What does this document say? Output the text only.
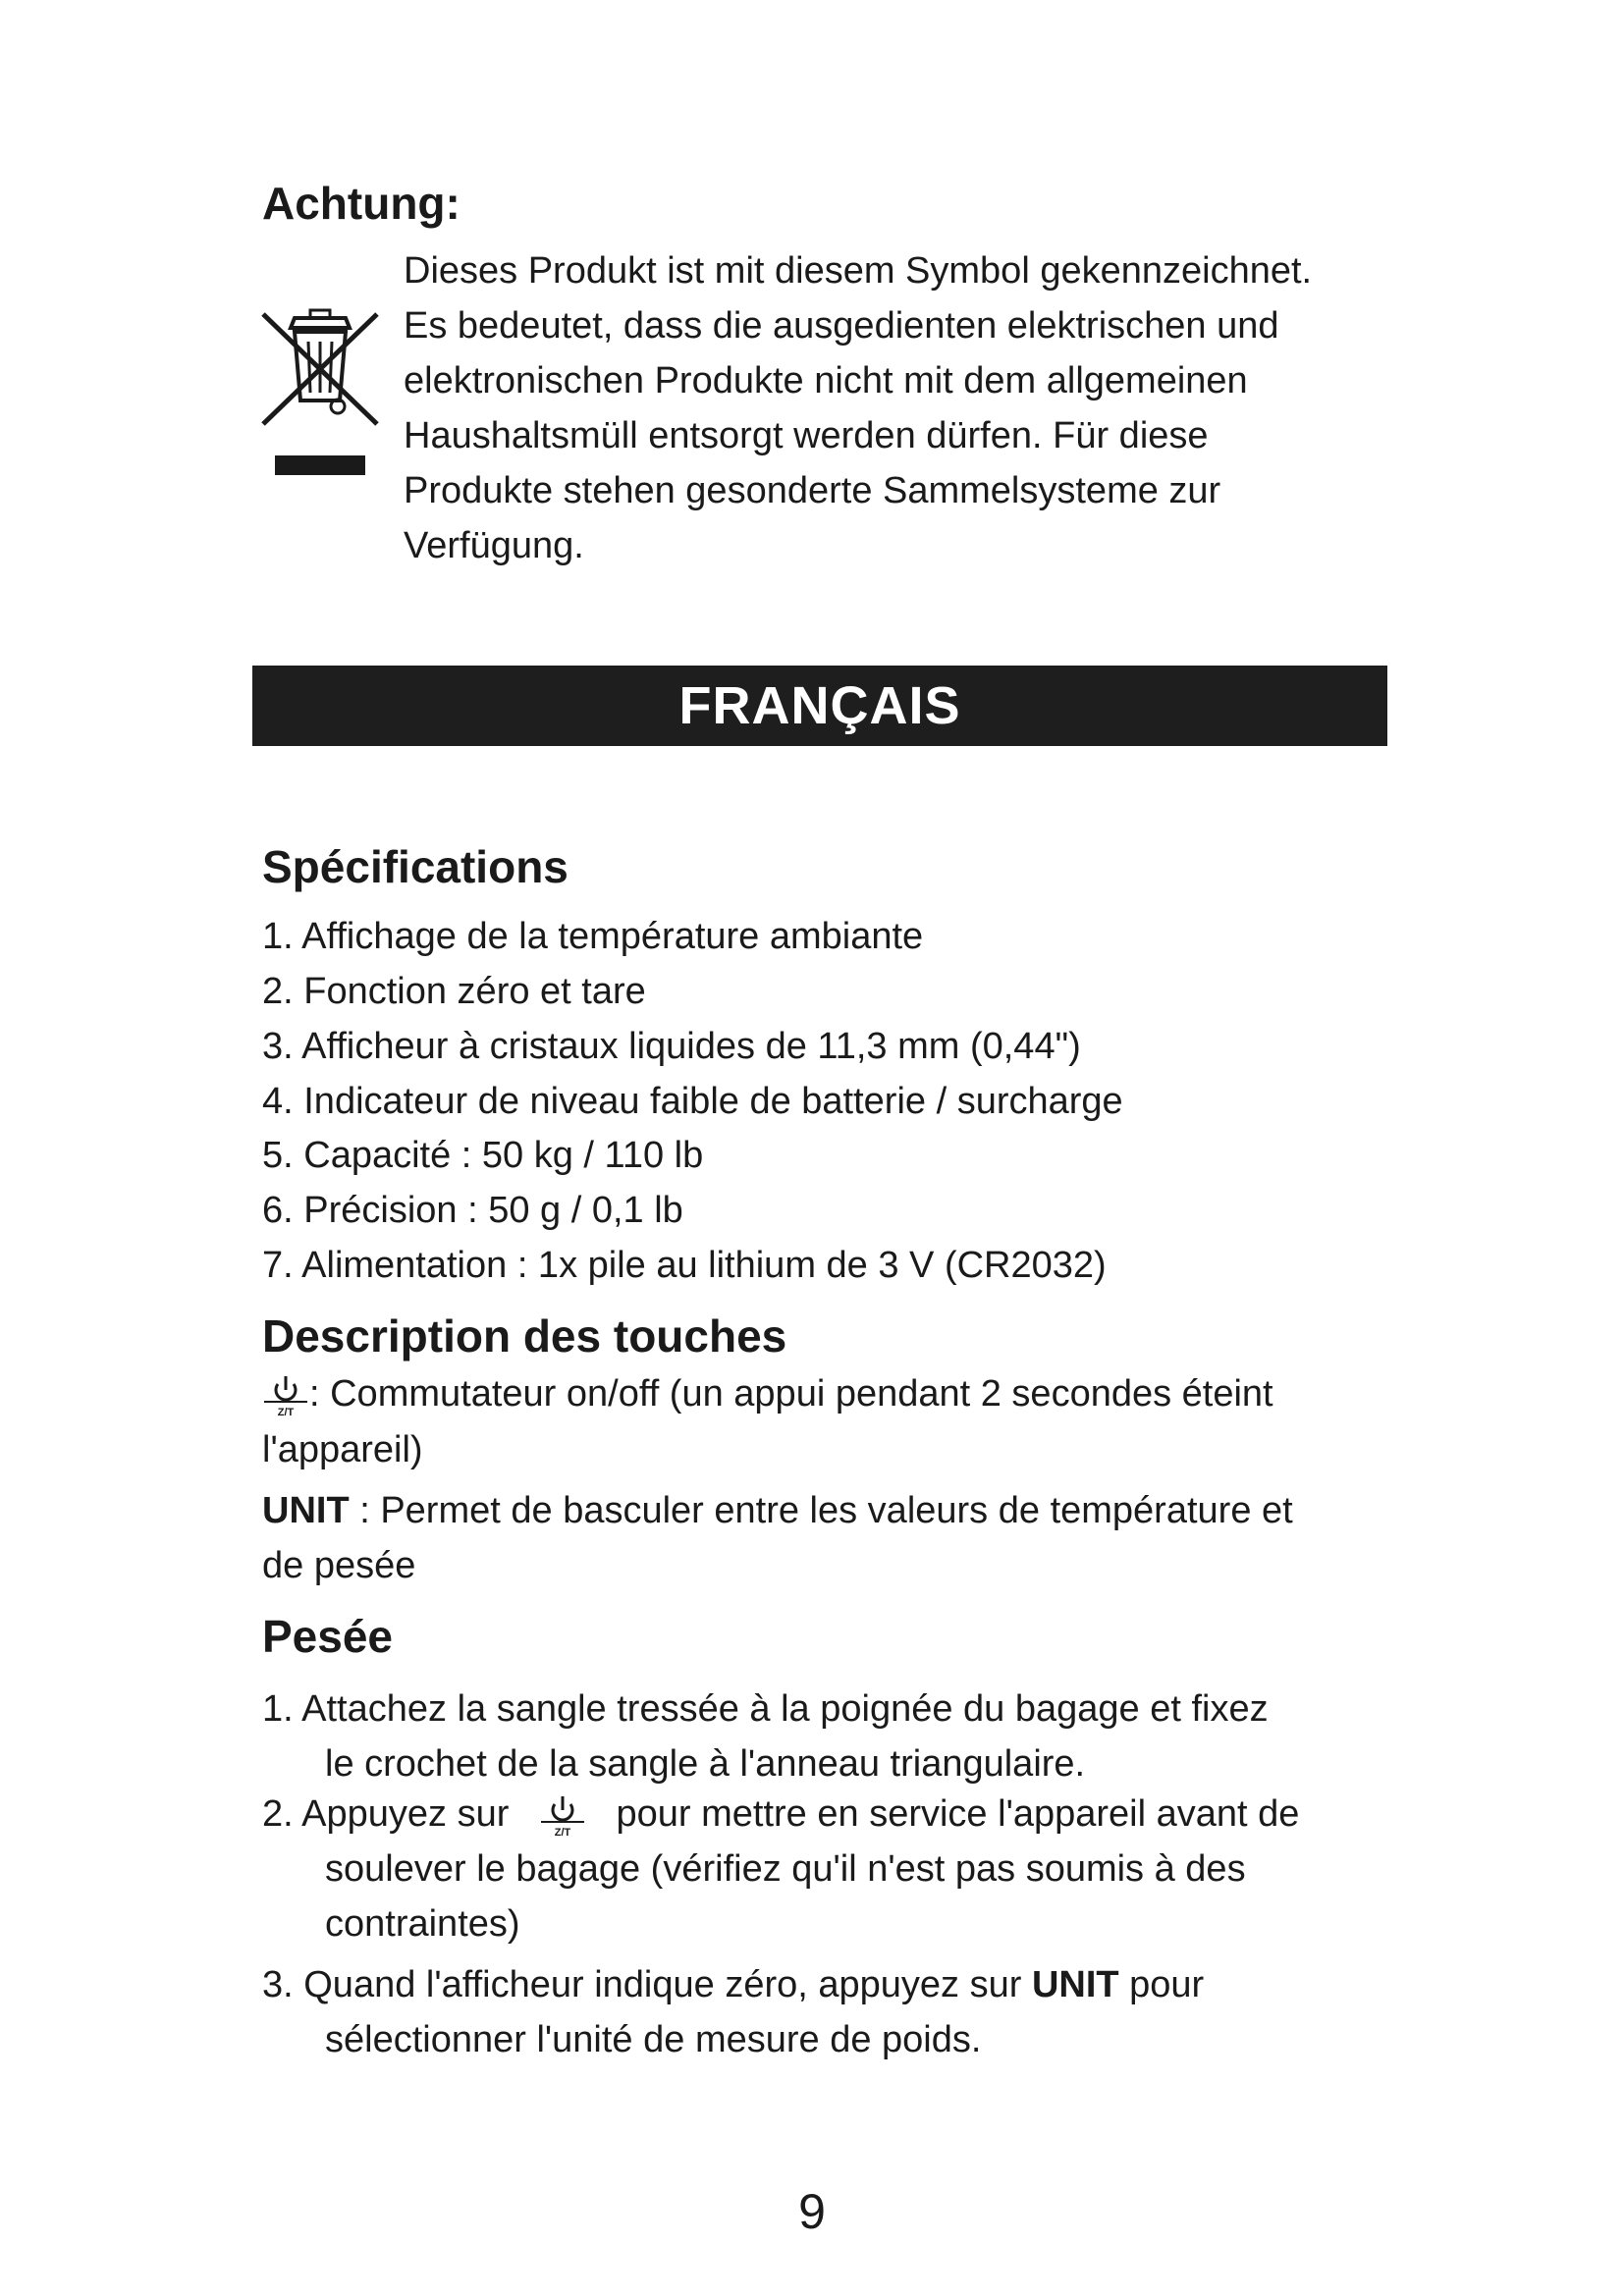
Achtung:
Dieses Produkt ist mit diesem Symbol gekennzeichnet.
Es bedeutet, dass die ausgedienten elektrischen und
elektronischen Produkte nicht mit dem allgemeinen
Haushaltsmüll entsorgt werden dürfen. Für diese
Produkte stehen gesonderte Sammelsysteme zur
Verfügung.
FRANÇAIS
Spécifications
1. Affichage de la température ambiante
2. Fonction zéro et tare
3. Afficheur à cristaux liquides de 11,3 mm (0,44")
4. Indicateur de niveau faible de batterie / surcharge
5. Capacité : 50 kg / 110 lb
6. Précision : 50 g / 0,1 lb
7. Alimentation : 1x pile au lithium de 3 V (CR2032)
Description des touches
Z/T : Commutateur on/off (un appui pendant 2 secondes éteint
l'appareil)
UNIT : Permet de basculer entre les valeurs de température et
de pesée
Pesée
1. Attachez la sangle tressée à la poignée du bagage et fixez
le crochet de la sangle à l'anneau triangulaire.
2. Appuyez sur	Z/T pour mettre en service l'appareil avant de
soulever le bagage (vérifiez qu'il n'est pas soumis à des
contraintes)
3. Quand l'afficheur indique zéro, appuyez sur UNIT pour
sélectionner l'unité de mesure de poids.
9
